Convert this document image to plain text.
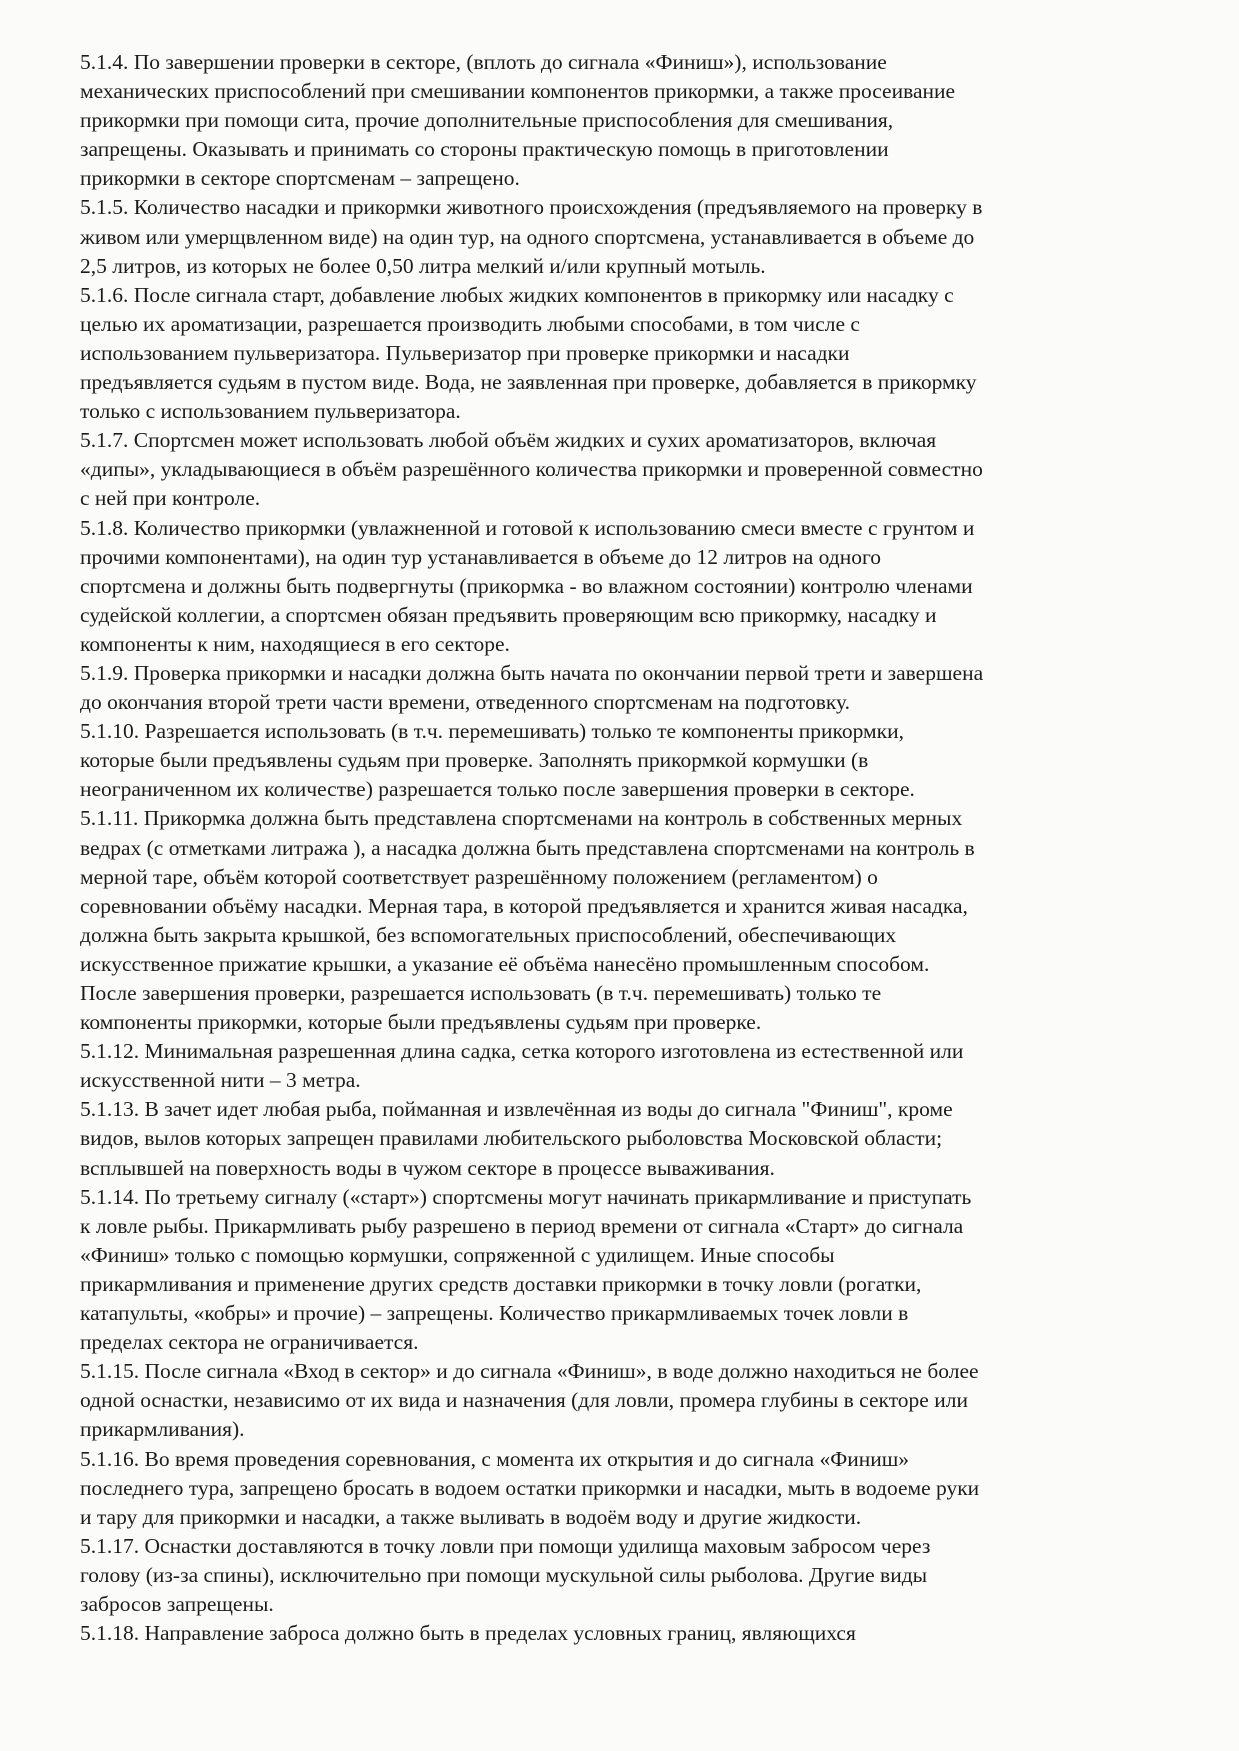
5.1.4. По завершении проверки в секторе, (вплоть до сигнала «Финиш»), использование
механических приспособлений при смешивании компонентов прикормки, а также просеивание
прикормки при помощи сита, прочие дополнительные приспособления для смешивания,
запрещены. Оказывать и принимать со стороны практическую помощь в приготовлении
прикормки в секторе спортсменам – запрещено.
5.1.5. Количество насадки и прикормки животного происхождения (предъявляемого на проверку в
живом или умерщвленном виде) на один тур, на одного спортсмена, устанавливается в объеме до
2,5 литров, из которых не более 0,50 литра мелкий и/или крупный мотыль.
5.1.6. После сигнала старт, добавление любых жидких компонентов в прикормку или насадку с
целью их ароматизации, разрешается производить любыми способами, в том числе с
использованием пульверизатора. Пульверизатор при проверке прикормки и насадки
предъявляется судьям в пустом виде. Вода, не заявленная при проверке, добавляется в прикормку
только с использованием пульверизатора.
5.1.7. Спортсмен может использовать любой объём жидких и сухих ароматизаторов, включая
«дипы», укладывающиеся в объём разрешённого количества прикормки и проверенной совместно
с ней при контроле.
5.1.8. Количество прикормки (увлажненной и готовой к использованию смеси вместе с грунтом и
прочими компонентами), на один тур устанавливается в объеме до 12 литров на одного
спортсмена и должны быть подвергнуты (прикормка - во влажном состоянии) контролю членами
судейской коллегии, а спортсмен обязан предъявить проверяющим всю прикормку, насадку и
компоненты к ним, находящиеся в его секторе.
5.1.9. Проверка прикормки и насадки должна быть начата по окончании первой трети и завершена
до окончания второй трети части времени, отведенного спортсменам на подготовку.
5.1.10. Разрешается использовать (в т.ч. перемешивать) только те компоненты прикормки,
которые были предъявлены судьям при проверке. Заполнять прикормкой кормушки (в
неограниченном их количестве) разрешается только после завершения проверки в секторе.
5.1.11. Прикормка должна быть представлена спортсменами на контроль в собственных мерных
ведрах (с отметками литража ), а насадка должна быть представлена спортсменами на контроль в
мерной таре, объём которой соответствует разрешённому положением (регламентом) о
соревновании объёму насадки. Мерная тара, в которой предъявляется и хранится живая насадка,
должна быть закрыта крышкой, без вспомогательных приспособлений, обеспечивающих
искусственное прижатие крышки, а указание её объёма нанесёно промышленным способом.
После завершения проверки, разрешается использовать (в т.ч. перемешивать) только те
компоненты прикормки, которые были предъявлены судьям при проверке.
5.1.12. Минимальная разрешенная длина садка, сетка которого изготовлена из естественной или
искусственной нити – 3 метра.
5.1.13. В зачет идет любая рыба, пойманная и извлечённая из воды до сигнала "Финиш", кроме
видов, вылов которых запрещен правилами любительского рыболовства Московской области;
всплывшей на поверхность воды в чужом секторе в процессе вываживания.
5.1.14. По третьему сигналу («старт») спортсмены могут начинать прикармливание и приступать
к ловле рыбы. Прикармливать рыбу разрешено в период времени от сигнала «Старт» до сигнала
«Финиш» только с помощью кормушки, сопряженной с удилищем. Иные способы
прикармливания и применение других средств доставки прикормки в точку ловли (рогатки,
катапульты, «кобры» и прочие) – запрещены. Количество прикармливаемых точек ловли в
пределах сектора не ограничивается.
5.1.15. После сигнала «Вход в сектор» и до сигнала «Финиш», в воде должно находиться не более
одной оснастки, независимо от их вида и назначения (для ловли, промера глубины в секторе или
прикармливания).
5.1.16. Во время проведения соревнования, с момента их открытия и до сигнала «Финиш»
последнего тура, запрещено бросать в водоем остатки прикормки и насадки, мыть в водоеме руки
и тару для прикормки и насадки, а также выливать в водоём воду и другие жидкости.
5.1.17. Оснастки доставляются в точку ловли при помощи удилища маховым забросом через
голову (из-за спины), исключительно при помощи мускульной силы рыболова. Другие виды
забросов запрещены.
5.1.18. Направление заброса должно быть в пределах условных границ, являющихся
